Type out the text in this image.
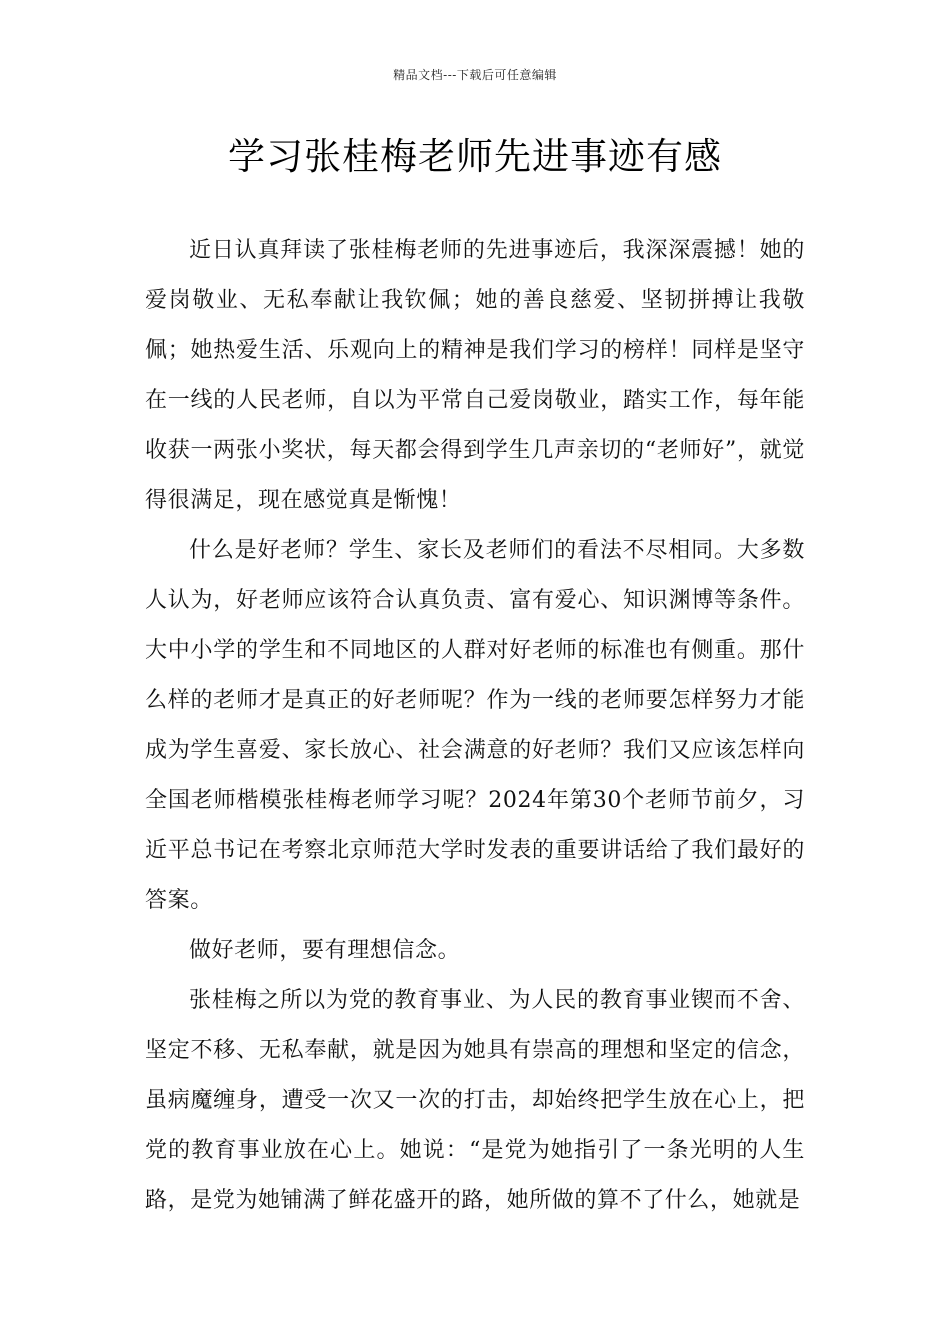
精品文档---下载后可任意编辑
学习张桂梅老师先进事迹有感

近日认真拜读了张桂梅老师的先进事迹后，我深深震撼！她的爱岗敬业、无私奉献让我钦佩；她的善良慈爱、坚韧拼搏让我敬佩；她热爱生活、乐观向上的精神是我们学习的榜样！同样是坚守在一线的人民老师，自以为平常自己爱岗敬业，踏实工作，每年能收获一两张小奖状，每天都会得到学生几声亲切的“老师好”，就觉得很满足，现在感觉真是惭愧！

什么是好老师？学生、家长及老师们的看法不尽相同。大多数人认为，好老师应该符合认真负责、富有爱心、知识渊博等条件。大中小学的学生和不同地区的人群对好老师的标准也有侧重。那什么样的老师才是真正的好老师呢？作为一线的老师要怎样努力才能成为学生喜爱、家长放心、社会满意的好老师？我们又应该怎样向全国老师楷模张桂梅老师学习呢？2024年第30个老师节前夕，习近平总书记在考察北京师范大学时发表的重要讲话给了我们最好的答案。

做好老师，要有理想信念。

张桂梅之所以为党的教育事业、为人民的教育事业锲而不舍、坚定不移、无私奉献，就是因为她具有崇高的理想和坚定的信念，虽病魔缠身，遭受一次又一次的打击，却始终把学生放在心上，把党的教育事业放在心上。她说：“是党为她指引了一条光明的人生路，是党为她铺满了鲜花盛开的路，她所做的算不了什么，她就是
